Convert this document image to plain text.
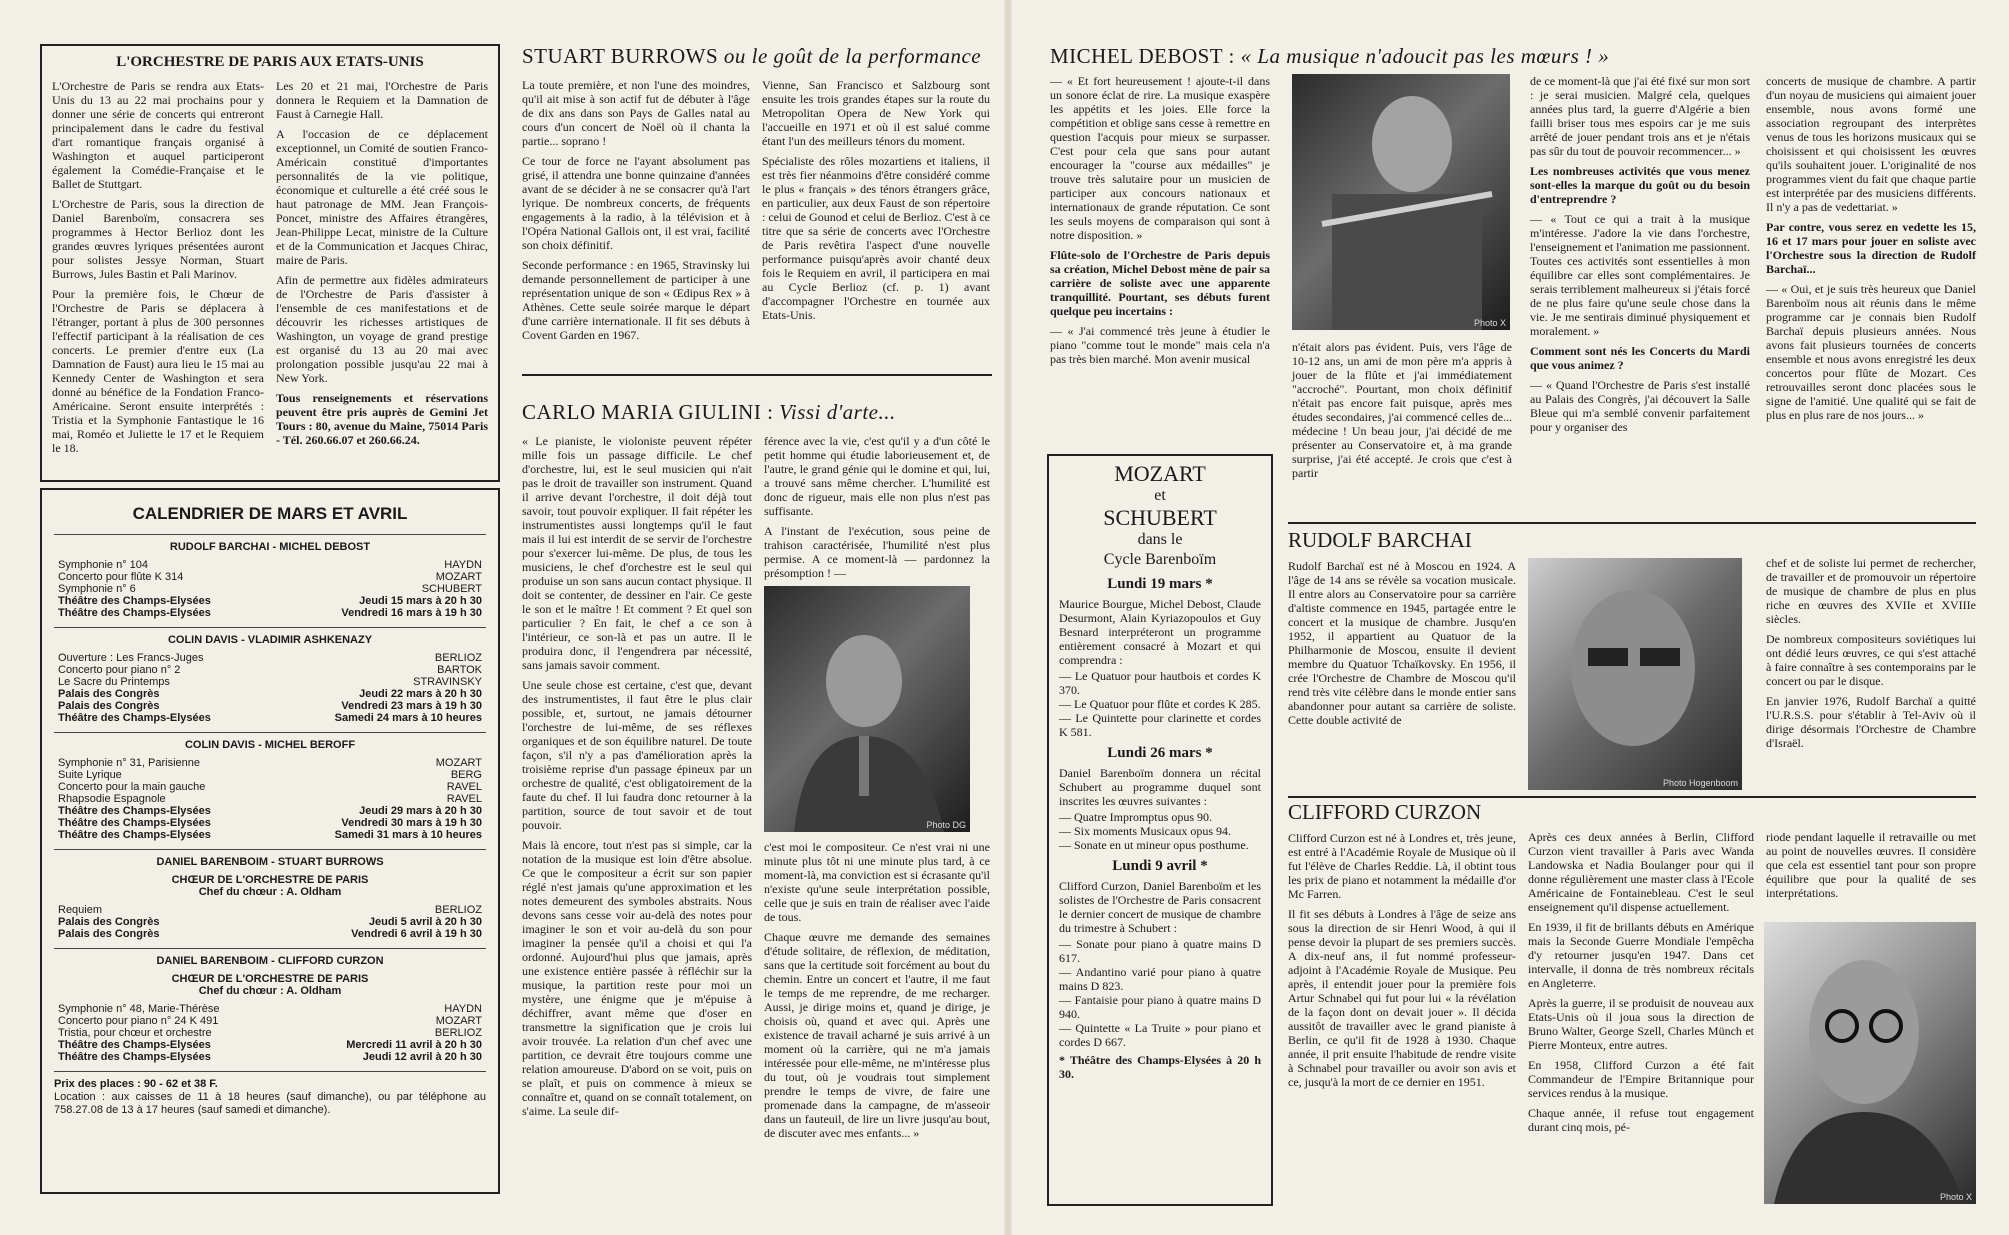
L'ORCHESTRE DE PARIS AUX ETATS-UNIS

L'Orchestre de Paris se rendra aux Etats-Unis du 13 au 22 mai prochains pour y donner une série de concerts qui entreront principalement dans le cadre du festival d'art romantique français organisé à Washington et auquel participeront également la Comédie-Française et le Ballet de Stuttgart.

L'Orchestre de Paris, sous la direction de Daniel Barenboïm, consacrera ses programmes à Hector Berlioz dont les grandes œuvres lyriques présentées auront pour solistes Jessye Norman, Stuart Burrows, Jules Bastin et Pali Marinov.

Pour la première fois, le Chœur de l'Orchestre de Paris se déplacera à l'étranger, portant à plus de 300 personnes l'effectif participant à la réalisation de ces concerts. Le premier d'entre eux (La Damnation de Faust) aura lieu le 15 mai au Kennedy Center de Washington et sera donné au bénéfice de la Fondation Franco-Américaine. Seront ensuite interprétés : Tristia et la Symphonie Fantastique le 16 mai, Roméo et Juliette le 17 et le Requiem le 18.

Les 20 et 21 mai, l'Orchestre de Paris donnera le Requiem et la Damnation de Faust à Carnegie Hall.

A l'occasion de ce déplacement exceptionnel, un Comité de soutien Franco-Américain constitué d'importantes personnalités de la vie politique, économique et culturelle a été créé sous le haut patronage de MM. Jean François-Poncet, ministre des Affaires étrangères, Jean-Philippe Lecat, ministre de la Culture et de la Communication et Jacques Chirac, maire de Paris.

Afin de permettre aux fidèles admirateurs de l'Orchestre de Paris d'assister à l'ensemble de ces manifestations et de découvrir les richesses artistiques de Washington, un voyage de grand prestige est organisé du 13 au 20 mai avec prolongation possible jusqu'au 22 mai à New York.

Tous renseignements et réservations peuvent être pris auprès de Gemini Jet Tours : 80, avenue du Maine, 75014 Paris - Tél. 260.66.07 et 260.66.24.

CALENDRIER DE MARS ET AVRIL
RUDOLF BARCHAI - MICHEL DEBOST
Symphonie n° 104	HAYDN
Concerto pour flûte K 314	MOZART
Symphonie n° 6	SCHUBERT
Théâtre des Champs-Elysées	Jeudi 15 mars à 20 h 30
Théâtre des Champs-Elysées	Vendredi 16 mars à 19 h 30
COLIN DAVIS - VLADIMIR ASHKENAZY
Ouverture : Les Francs-Juges	BERLIOZ
Concerto pour piano n° 2	BARTOK
Le Sacre du Printemps	STRAVINSKY
Palais des Congrès	Jeudi 22 mars à 20 h 30
Palais des Congrès	Vendredi 23 mars à 19 h 30
Théâtre des Champs-Elysées	Samedi 24 mars à 10 heures
COLIN DAVIS - MICHEL BEROFF
Symphonie n° 31, Parisienne	MOZART
Suite Lyrique	BERG
Concerto pour la main gauche	RAVEL
Rhapsodie Espagnole	RAVEL
Théâtre des Champs-Elysées	Jeudi 29 mars à 20 h 30
Théâtre des Champs-Elysées	Vendredi 30 mars à 19 h 30
Théâtre des Champs-Elysées	Samedi 31 mars à 10 heures
DANIEL BARENBOIM - STUART BURROWS
CHŒUR DE L'ORCHESTRE DE PARIS
Chef du chœur : A. Oldham
Requiem	BERLIOZ
Palais des Congrès	Jeudi 5 avril à 20 h 30
Palais des Congrès	Vendredi 6 avril à 19 h 30
DANIEL BARENBOIM - CLIFFORD CURZON
CHŒUR DE L'ORCHESTRE DE PARIS
Chef du chœur : A. Oldham
Symphonie n° 48, Marie-Thérèse	HAYDN
Concerto pour piano n° 24 K 491	MOZART
Tristia, pour chœur et orchestre	BERLIOZ
Théâtre des Champs-Elysées	Mercredi 11 avril à 20 h 30
Théâtre des Champs-Elysées	Jeudi 12 avril à 20 h 30
Prix des places : 90 - 62 et 38 F.
Location : aux caisses de 11 à 18 heures (sauf dimanche), ou par téléphone au 758.27.08 de 13 à 17 heures (sauf samedi et dimanche).
STUART BURROWS ou le goût de la performance

La toute première, et non l'une des moindres, qu'il ait mise à son actif fut de débuter à l'âge de dix ans dans son Pays de Galles natal au cours d'un concert de Noël où il chanta la partie... soprano !

Ce tour de force ne l'ayant absolument pas grisé, il attendra une bonne quinzaine d'années avant de se décider à ne se consacrer qu'à l'art lyrique. De nombreux concerts, de fréquents engagements à la radio, à la télévision et à l'Opéra National Gallois ont, il est vrai, facilité son choix définitif.

Seconde performance : en 1965, Stravinsky lui demande personnellement de participer à une représentation unique de son « Œdipus Rex » à Athènes. Cette seule soirée marque le départ d'une carrière internationale. Il fit ses débuts à Covent Garden en 1967.

Vienne, San Francisco et Salzbourg sont ensuite les trois grandes étapes sur la route du Metropolitan Opera de New York qui l'accueille en 1971 et où il est salué comme étant l'un des meilleurs ténors du moment.

Spécialiste des rôles mozartiens et italiens, il est très fier néanmoins d'être considéré comme le plus « français » des ténors étrangers grâce, en particulier, aux deux Faust de son répertoire : celui de Gounod et celui de Berlioz. C'est à ce titre que sa série de concerts avec l'Orchestre de Paris revêtira l'aspect d'une nouvelle performance puisqu'après avoir chanté deux fois le Requiem en avril, il participera en mai au Cycle Berlioz (cf. p. 1) avant d'accompagner l'Orchestre en tournée aux Etats-Unis.

CARLO MARIA GIULINI : Vissi d'arte...

« Le pianiste, le violoniste peuvent répéter mille fois un passage difficile. Le chef d'orchestre, lui, est le seul musicien qui n'ait pas le droit de travailler son instrument. Quand il arrive devant l'orchestre, il doit déjà tout savoir, tout pouvoir expliquer. Il fait répéter les instrumentistes aussi longtemps qu'il le faut mais il lui est interdit de se servir de l'orchestre pour s'exercer lui-même. De plus, de tous les musiciens, le chef d'orchestre est le seul qui produise un son sans aucun contact physique. Il doit se contenter, de dessiner en l'air. Ce geste le son et le maître ! Et comment ? Et quel son particulier ? En fait, le chef a ce son à l'intérieur, ce son-là et pas un autre. Il le produira donc, il l'engendrera par nécessité, sans jamais savoir comment.

Une seule chose est certaine, c'est que, devant des instrumentistes, il faut être le plus clair possible, et, surtout, ne jamais détourner l'orchestre de lui-même, de ses réflexes organiques et de son équilibre naturel. De toute façon, s'il n'y a pas d'amélioration après la troisième reprise d'un passage épineux par un orchestre de qualité, c'est obligatoirement de la faute du chef. Il lui faudra donc retourner à la partition, source de tout savoir et de tout pouvoir.

Mais là encore, tout n'est pas si simple, car la notation de la musique est loin d'être absolue. Ce que le compositeur a écrit sur son papier réglé n'est jamais qu'une approximation et les notes demeurent des symboles abstraits. Nous devons sans cesse voir au-delà des notes pour imaginer le son et voir au-delà du son pour imaginer la pensée qu'il a choisi et qui l'a ordonné. Aujourd'hui plus que jamais, après une existence entière passée à réfléchir sur la musique, la partition reste pour moi un mystère, une énigme que je m'épuise à déchiffrer, avant même que d'oser en transmettre la signification que je crois lui avoir trouvée. La relation d'un chef avec une partition, ce devrait être toujours comme une relation amoureuse. D'abord on se voit, puis on se plaît, et puis on commence à mieux se connaître et, quand on se connaît totalement, on s'aime. La seule dif-

férence avec la vie, c'est qu'il y a d'un côté le petit homme qui étudie laborieusement et, de l'autre, le grand génie qui le domine et qui, lui, a trouvé sans même chercher. L'humilité est donc de rigueur, mais elle non plus n'est pas suffisante.

A l'instant de l'exécution, sous peine de trahison caractérisée, l'humilité n'est plus permise. A ce moment-là — pardonnez la présomption ! —

Photo DG

c'est moi le compositeur. Ce n'est vrai ni une minute plus tôt ni une minute plus tard, à ce moment-là, ma conviction est si écrasante qu'il n'existe qu'une seule interprétation possible, celle que je suis en train de réaliser avec l'aide de tous.

Chaque œuvre me demande des semaines d'étude solitaire, de réflexion, de méditation, sans que la certitude soit forcément au bout du chemin. Entre un concert et l'autre, il me faut le temps de me reprendre, de me recharger. Aussi, je dirige moins et, quand je dirige, je choisis où, quand et avec qui. Après une existence de travail acharné je suis arrivé à un moment où la carrière, qui ne m'a jamais intéressée pour elle-même, ne m'intéresse plus du tout, où je voudrais tout simplement prendre le temps de vivre, de faire une promenade dans la campagne, de m'asseoir dans un fauteuil, de lire un livre jusqu'au bout, de discuter avec mes enfants... »

MICHEL DEBOST : « La musique n'adoucit pas les mœurs ! »

— « Et fort heureusement ! ajoute-t-il dans un sonore éclat de rire. La musique exaspère les appétits et les joies. Elle force la compétition et oblige sans cesse à remettre en question l'acquis pour mieux se surpasser. C'est pour cela que sans pour autant encourager la "course aux médailles" je trouve très salutaire pour un musicien de participer aux concours nationaux et internationaux de grande réputation. Ce sont les seuls moyens de comparaison qui sont à notre disposition. »

Flûte-solo de l'Orchestre de Paris depuis sa création, Michel Debost mène de pair sa carrière de soliste avec une apparente tranquillité. Pourtant, ses débuts furent quelque peu incertains :

— « J'ai commencé très jeune à étudier le piano "comme tout le monde" mais cela n'a pas très bien marché. Mon avenir musical

Photo X

n'était alors pas évident. Puis, vers l'âge de 10-12 ans, un ami de mon père m'a appris à jouer de la flûte et j'ai immédiatement "accroché". Pourtant, mon choix définitif n'était pas encore fait puisque, après mes études secondaires, j'ai commencé celles de... médecine ! Un beau jour, j'ai décidé de me présenter au Conservatoire et, à ma grande surprise, j'ai été accepté. Je crois que c'est à partir

de ce moment-là que j'ai été fixé sur mon sort : je serai musicien. Malgré cela, quelques années plus tard, la guerre d'Algérie a bien failli briser tous mes espoirs car je me suis arrêté de jouer pendant trois ans et je n'étais pas sûr du tout de pouvoir recommencer... »

Les nombreuses activités que vous menez sont-elles la marque du goût ou du besoin d'entreprendre ?

— « Tout ce qui a trait à la musique m'intéresse. J'adore la vie dans l'orchestre, l'enseignement et l'animation me passionnent. Toutes ces activités sont essentielles à mon équilibre car elles sont complémentaires. Je serais terriblement malheureux si j'étais forcé de ne plus faire qu'une seule chose dans la vie. Je me sentirais diminué physiquement et moralement. »

Comment sont nés les Concerts du Mardi que vous animez ?

— « Quand l'Orchestre de Paris s'est installé au Palais des Congrès, j'ai découvert la Salle Bleue qui m'a semblé convenir parfaitement pour y organiser des

concerts de musique de chambre. A partir d'un noyau de musiciens qui aimaient jouer ensemble, nous avons formé une association regroupant des interprètes venus de tous les horizons musicaux qui se choisissent et qui choisissent les œuvres qu'ils souhaitent jouer. L'originalité de nos programmes vient du fait que chaque partie est interprétée par des musiciens différents. Il n'y a pas de vedettariat. »

Par contre, vous serez en vedette les 15, 16 et 17 mars pour jouer en soliste avec l'Orchestre sous la direction de Rudolf Barchaï...

— « Oui, et je suis très heureux que Daniel Barenboïm nous ait réunis dans le même programme car je connais bien Rudolf Barchaï depuis plusieurs années. Nous avons fait plusieurs tournées de concerts ensemble et nous avons enregistré les deux concertos pour flûte de Mozart. Ces retrouvailles seront donc placées sous le signe de l'amitié. Une qualité qui se fait de plus en plus rare de nos jours... »

MOZART
et
SCHUBERT
dans le
Cycle Barenboïm
Lundi 19 mars *

Maurice Bourgue, Michel Debost, Claude Desurmont, Alain Kyriazopoulos et Guy Besnard interpréteront un programme entièrement consacré à Mozart et qui comprendra :

— Le Quatuor pour hautbois et cordes K 370.

— Le Quatuor pour flûte et cordes K 285.

— Le Quintette pour clarinette et cordes K 581.

Lundi 26 mars *

Daniel Barenboïm donnera un récital Schubert au programme duquel sont inscrites les œuvres suivantes :

— Quatre Impromptus opus 90.

— Six moments Musicaux opus 94.

— Sonate en ut mineur opus posthume.

Lundi 9 avril *

Clifford Curzon, Daniel Barenboïm et les solistes de l'Orchestre de Paris consacrent le dernier concert de musique de chambre du trimestre à Schubert :

— Sonate pour piano à quatre mains D 617.

— Andantino varié pour piano à quatre mains D 823.

— Fantaisie pour piano à quatre mains D 940.

— Quintette « La Truite » pour piano et cordes D 667.

* Théâtre des Champs-Elysées à 20 h 30.

RUDOLF BARCHAI

Rudolf Barchaï est né à Moscou en 1924. A l'âge de 14 ans se révèle sa vocation musicale. Il entre alors au Conservatoire pour sa carrière d'altiste commence en 1945, partagée entre le concert et la musique de chambre. Jusqu'en 1952, il appartient au Quatuor de la Philharmonie de Moscou, ensuite il devient membre du Quatuor Tchaïkovsky. En 1956, il crée l'Orchestre de Chambre de Moscou qu'il rend très vite célèbre dans le monde entier sans abandonner pour autant sa carrière de soliste. Cette double activité de

Photo Hogenboom

chef et de soliste lui permet de rechercher, de travailler et de promouvoir un répertoire de musique de chambre de plus en plus riche en œuvres des XVIIe et XVIIIe siècles.

De nombreux compositeurs soviétiques lui ont dédié leurs œuvres, ce qui s'est attaché à faire connaître à ses contemporains par le concert ou par le disque.

En janvier 1976, Rudolf Barchaï a quitté l'U.R.S.S. pour s'établir à Tel-Aviv où il dirige désormais l'Orchestre de Chambre d'Israël.

CLIFFORD CURZON

Clifford Curzon est né à Londres et, très jeune, est entré à l'Académie Royale de Musique où il fut l'élève de Charles Reddie. Là, il obtint tous les prix de piano et notamment la médaille d'or Mc Farren.

Il fit ses débuts à Londres à l'âge de seize ans sous la direction de sir Henri Wood, à qui il pense devoir la plupart de ses premiers succès. A dix-neuf ans, il fut nommé professeur-adjoint à l'Académie Royale de Musique. Peu après, il entendit jouer pour la première fois Artur Schnabel qui fut pour lui « la révélation de la façon dont on devait jouer ». Il décida aussitôt de travailler avec le grand pianiste à Berlin, ce qu'il fit de 1928 à 1930. Chaque année, il prit ensuite l'habitude de rendre visite à Schnabel pour travailler ou avoir son avis et ce, jusqu'à la mort de ce dernier en 1951.

Après ces deux années à Berlin, Clifford Curzon vient travailler à Paris avec Wanda Landowska et Nadia Boulanger pour qui il donne régulièrement une master class à l'Ecole Américaine de Fontainebleau. C'est le seul enseignement qu'il dispense actuellement.

En 1939, il fit de brillants débuts en Amérique mais la Seconde Guerre Mondiale l'empêcha d'y retourner jusqu'en 1947. Dans cet intervalle, il donna de très nombreux récitals en Angleterre.

Après la guerre, il se produisit de nouveau aux Etats-Unis où il joua sous la direction de Bruno Walter, George Szell, Charles Münch et Pierre Monteux, entre autres.

En 1958, Clifford Curzon a été fait Commandeur de l'Empire Britannique pour services rendus à la musique.

Chaque année, il refuse tout engagement durant cinq mois, pé-

riode pendant laquelle il retravaille ou met au point de nouvelles œuvres. Il considère que cela est essentiel tant pour son propre équilibre que pour la qualité de ses interprétations.

Photo X
